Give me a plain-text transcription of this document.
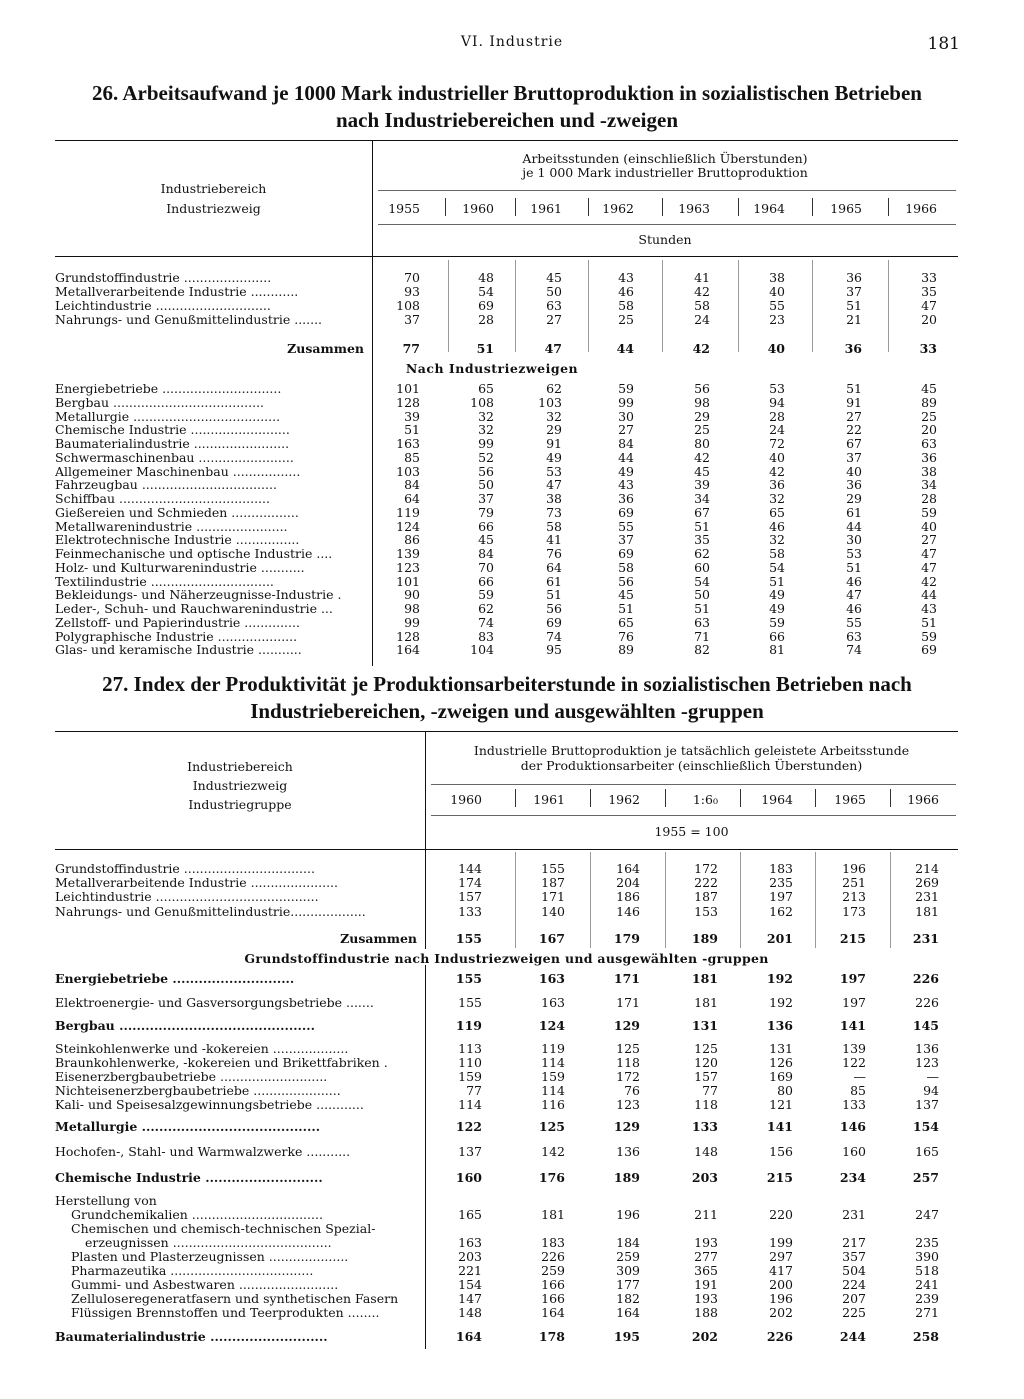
VI. Industrie	181
26. Arbeitsaufwand je 1000 Mark industrieller Bruttoproduktion in sozialistischen Betrieben
nach Industriebereichen und -zweigen
Industriebereich
Industriezweig
Arbeitsstunden (einschließlich Überstunden)
je 1 000 Mark industrieller Bruttoproduktion
1955	1960	1961	1962	1963	1964	1965	1966
Stunden
Grundstoffindustrie ......................	70	48	45	43	41	38	36	33
Metallverarbeitende Industrie ............	93	54	50	46	42	40	37	35
Leichtindustrie .............................	108	69	63	58	58	55	51	47
Nahrungs- und Genußmittelindustrie .......	37	28	27	25	24	23	21	20
Zusammen	77	51	47	44	42	40	36	33
Nach Industriezweigen
Energiebetriebe ..............................	101	65	62	59	56	53	51	45
Bergbau ......................................	128	108	103	99	98	94	91	89
Metallurgie .....................................	39	32	32	30	29	28	27	25
Chemische Industrie .........................	51	32	29	27	25	24	22	20
Baumaterialindustrie ........................	163	99	91	84	80	72	67	63
Schwermaschinenbau ........................	85	52	49	44	42	40	37	36
Allgemeiner Maschinenbau .................	103	56	53	49	45	42	40	38
Fahrzeugbau ..................................	84	50	47	43	39	36	36	34
Schiffbau ......................................	64	37	38	36	34	32	29	28
Gießereien und Schmieden .................	119	79	73	69	67	65	61	59
Metallwarenindustrie .......................	124	66	58	55	51	46	44	40
Elektrotechnische Industrie ................	86	45	41	37	35	32	30	27
Feinmechanische und optische Industrie ....	139	84	76	69	62	58	53	47
Holz- und Kulturwarenindustrie ...........	123	70	64	58	60	54	51	47
Textilindustrie ...............................	101	66	61	56	54	51	46	42
Bekleidungs- und Näherzeugnisse-Industrie .	90	59	51	45	50	49	47	44
Leder-, Schuh- und Rauchwarenindustrie ...	98	62	56	51	51	49	46	43
Zellstoff- und Papierindustrie ..............	99	74	69	65	63	59	55	51
Polygraphische Industrie ....................	128	83	74	76	71	66	63	59
Glas- und keramische Industrie ...........	164	104	95	89	82	81	74	69
27. Index der Produktivität je Produktionsarbeiterstunde in sozialistischen Betrieben nach
Industriebereichen, -zweigen und ausgewählten -gruppen
Industriebereich
Industriezweig
Industriegruppe
Industrielle Bruttoproduktion je tatsächlich geleistete Arbeitsstunde
der Produktionsarbeiter (einschließlich Überstunden)
1960	1961	1962	1:6₀	1964	1965	1966
1955 = 100
Grundstoffindustrie .................................	144	155	164	172	183	196	214
Metallverarbeitende Industrie ......................	174	187	204	222	235	251	269
Leichtindustrie .........................................	157	171	186	187	197	213	231
Nahrungs- und Genußmittelindustrie...................	133	140	146	153	162	173	181
Zusammen	155	167	179	189	201	215	231
Grundstoffindustrie nach Industriezweigen und ausgewählten -gruppen
Energiebetriebe ............................	155	163	171	181	192	197	226
Elektroenergie- und Gasversorgungsbetriebe .......	155	163	171	181	192	197	226
Bergbau .............................................	119	124	129	131	136	141	145
Steinkohlenwerke und -kokereien ...................	113	119	125	125	131	139	136
Braunkohlenwerke, -kokereien und Brikettfabriken .	110	114	118	120	126	122	123
Eisenerzbergbaubetriebe ...........................	159	159	172	157	169	—	—
Nichteisenerzbergbaubetriebe ......................	77	114	76	77	80	85	94
Kali- und Speisesalzgewinnungsbetriebe ............	114	116	123	118	121	133	137
Metallurgie .........................................	122	125	129	133	141	146	154
Hochofen-, Stahl- und Warmwalzwerke ...........	137	142	136	148	156	160	165
Chemische Industrie ...........................	160	176	189	203	215	234	257
Herstellung von
Grundchemikalien .................................	165	181	196	211	220	231	247
Chemischen und chemisch-technischen Spezial-
erzeugnissen ........................................	163	183	184	193	199	217	235
Plasten und Plasterzeugnissen ....................	203	226	259	277	297	357	390
Pharmazeutika ....................................	221	259	309	365	417	504	518
Gummi- und Asbestwaren .........................	154	166	177	191	200	224	241
Zelluloseregeneratfasern und synthetischen Fasern	147	166	182	193	196	207	239
Flüssigen Brennstoffen und Teerprodukten ........	148	164	164	188	202	225	271
Baumaterialindustrie ...........................	164	178	195	202	226	244	258
